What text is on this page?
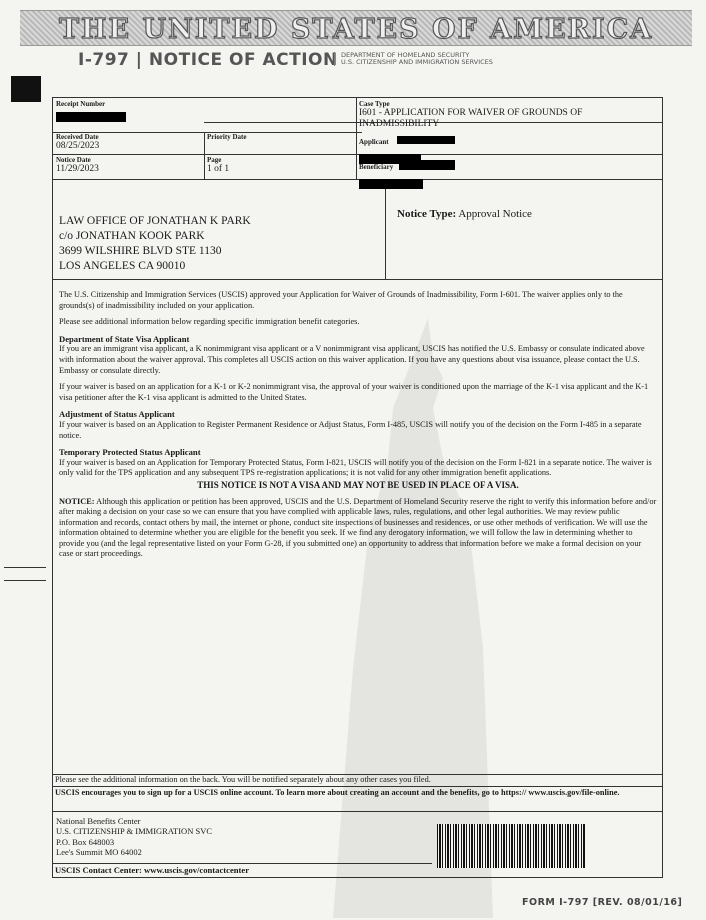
THE UNITED STATES OF AMERICA
I-797 | NOTICE OF ACTION DEPARTMENT OF HOMELAND SECURITY
U.S. CITIZENSHIP AND IMMIGRATION SERVICES
Receipt Number	Case Type
I601 - APPLICATION FOR WAIVER OF GROUNDS OF INADMISSIBILITY
Received Date
08/25/2023
Priority Date
Applicant

Notice Date
11/29/2023
Page
1 of 1	Beneficiary

LAW OFFICE OF JONATHAN K PARK
c/o JONATHAN KOOK PARK
3699 WILSHIRE BLVD STE 1130
LOS ANGELES CA 90010
Notice Type: Approval Notice

The U.S. Citizenship and Immigration Services (USCIS) approved your Application for Waiver of Grounds of Inadmissibility, Form I-601. The waiver applies only to the grounds(s) of inadmissibility included on your application.

Please see additional information below regarding specific immigration benefit categories.

Department of State Visa Applicant

If you are an immigrant visa applicant, a K nonimmigrant visa applicant or a V nonimmigrant visa applicant, USCIS has notified the U.S. Embassy or consulate indicated above with information about the waiver approval. This completes all USCIS action on this waiver application. If you have any questions about visa issuance, please contact the U.S. Embassy or consulate directly.

If your waiver is based on an application for a K-1 or K-2 nonimmigrant visa, the approval of your waiver is conditioned upon the marriage of the K-1 visa applicant and the K-1 visa petitioner after the K-1 visa applicant is admitted to the United States.

Adjustment of Status Applicant

If your waiver is based on an Application to Register Permanent Residence or Adjust Status, Form I-485, USCIS will notify you of the decision on the Form I-485 in a separate notice.

Temporary Protected Status Applicant

If your waiver is based on an Application for Temporary Protected Status, Form I-821, USCIS will notify you of the decision on the Form I-821 in a separate notice. The waiver is only valid for the TPS application and any subsequent TPS re-registration applications; it is not valid for any other immigration benefit applications.

THIS NOTICE IS NOT A VISA AND MAY NOT BE USED IN PLACE OF A VISA.

NOTICE: Although this application or petition has been approved, USCIS and the U.S. Department of Homeland Security reserve the right to verify this information before and/or after making a decision on your case so we can ensure that you have complied with applicable laws, rules, regulations, and other legal authorities. We may review public information and records, contact others by mail, the internet or phone, conduct site inspections of businesses and residences, or use other methods of verification. We will use the information obtained to determine whether you are eligible for the benefit you seek. If we find any derogatory information, we will follow the law in determining whether to provide you (and the legal representative listed on your Form G-28, if you submitted one) an opportunity to address that information before we make a formal decision on your case or start proceedings.

Please see the additional information on the back. You will be notified separately about any other cases you filed.
USCIS encourages you to sign up for a USCIS online account. To learn more about creating an account and the benefits, go to https:// www.uscis.gov/file-online.
National Benefits Center
U.S. CITIZENSHIP & IMMIGRATION SVC
P.O. Box 648003
Lee's Summit MO 64002
USCIS Contact Center: www.uscis.gov/contactcenter
FORM I-797 [REV. 08/01/16]
